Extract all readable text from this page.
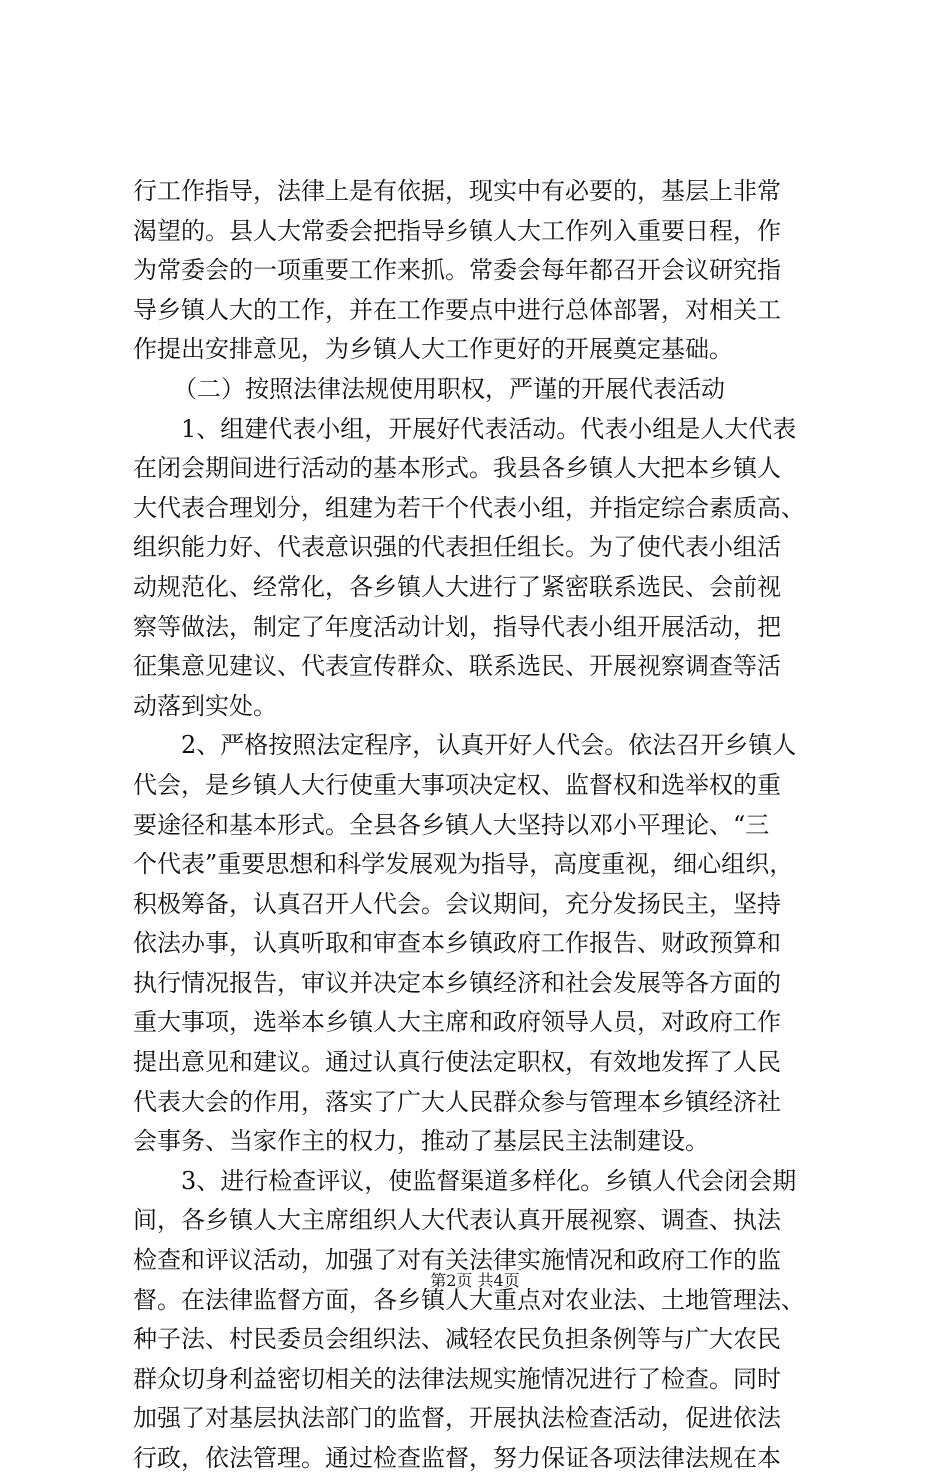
行工作指导，法律上是有依据，现实中有必要的，基层上非常
渴望的。县人大常委会把指导乡镇人大工作列入重要日程，作
为常委会的一项重要工作来抓。常委会每年都召开会议研究指
导乡镇人大的工作，并在工作要点中进行总体部署，对相关工
作提出安排意见，为乡镇人大工作更好的开展奠定基础。
（二）按照法律法规使用职权，严谨的开展代表活动
1、组建代表小组，开展好代表活动。代表小组是人大代表
在闭会期间进行活动的基本形式。我县各乡镇人大把本乡镇人
大代表合理划分，组建为若干个代表小组，并指定综合素质高、
组织能力好、代表意识强的代表担任组长。为了使代表小组活
动规范化、经常化，各乡镇人大进行了紧密联系选民、会前视
察等做法，制定了年度活动计划，指导代表小组开展活动，把
征集意见建议、代表宣传群众、联系选民、开展视察调查等活
动落到实处。
2、严格按照法定程序，认真开好人代会。依法召开乡镇人
代会，是乡镇人大行使重大事项决定权、监督权和选举权的重
要途径和基本形式。全县各乡镇人大坚持以邓小平理论、“三
个代表”重要思想和科学发展观为指导，高度重视，细心组织，
积极筹备，认真召开人代会。会议期间，充分发扬民主，坚持
依法办事，认真听取和审查本乡镇政府工作报告、财政预算和
执行情况报告，审议并决定本乡镇经济和社会发展等各方面的
重大事项，选举本乡镇人大主席和政府领导人员，对政府工作
提出意见和建议。通过认真行使法定职权，有效地发挥了人民
代表大会的作用，落实了广大人民群众参与管理本乡镇经济社
会事务、当家作主的权力，推动了基层民主法制建设。
3、进行检查评议，使监督渠道多样化。乡镇人代会闭会期
间，各乡镇人大主席组织人大代表认真开展视察、调查、执法
检查和评议活动，加强了对有关法律实施情况和政府工作的监
督。在法律监督方面，各乡镇人大重点对农业法、土地管理法、
种子法、村民委员会组织法、减轻农民负担条例等与广大农民
群众切身利益密切相关的法律法规实施情况进行了检查。同时
加强了对基层执法部门的监督，开展执法检查活动，促进依法
行政，依法管理。通过检查监督，努力保证各项法律法规在本
第2页 共4页
